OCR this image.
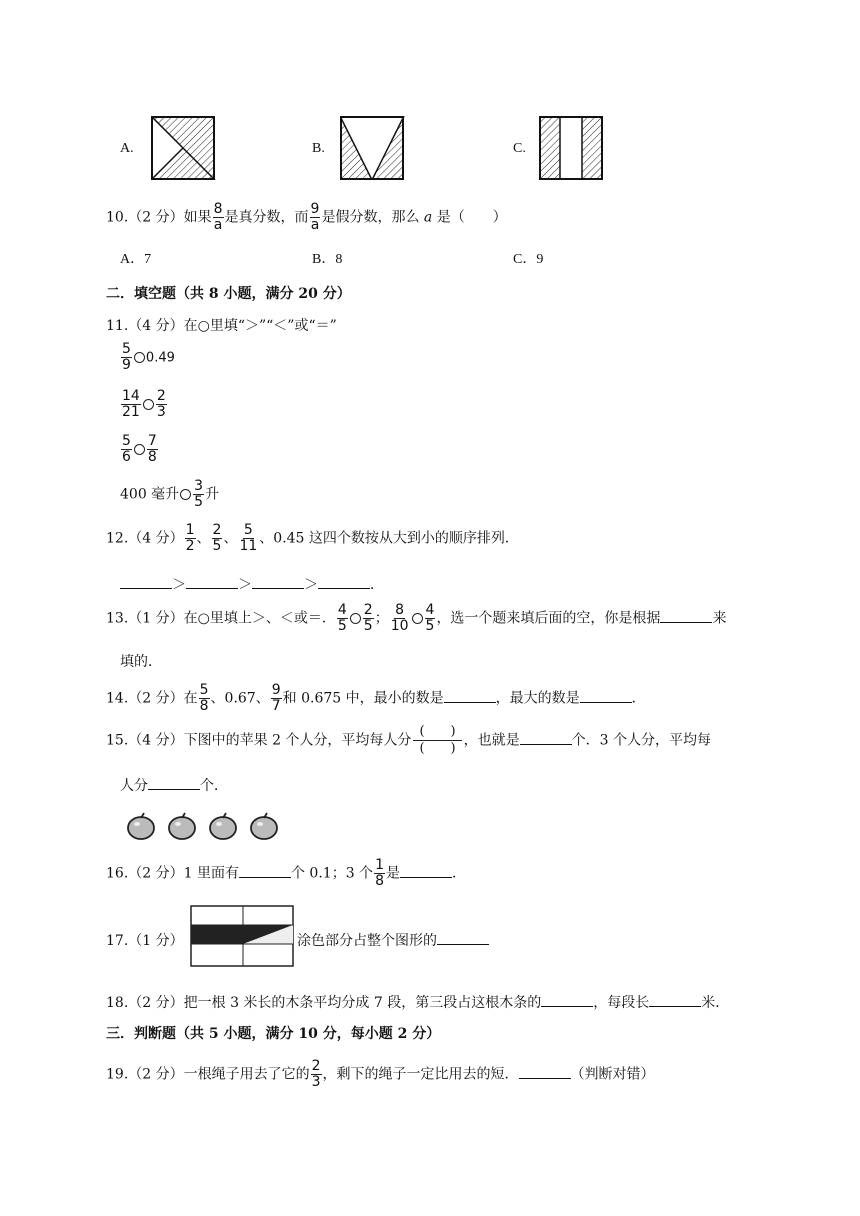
A.	B.	C.
10.（2 分）如果 $\frac{8}{a}$ 是真分数，而 $\frac{9}{a}$ 是假分数，那么 a 是（　　）
A．7	B．8	C．9
二．填空题（共 8 小题，满分 20 分）
11.（4 分）在○里填“＞”“＜”或“＝”
$\frac{5}{9} 0.49$
$\frac{14}{21} \frac{2}{3}$
$\frac{5}{6} \frac{7}{8}$
400 毫升 $\frac{3}{5}$ 升
12.（4 分） $\frac{1}{2}$ 、 $\frac{2}{5}$ 、 $\frac{5}{11}$ 、0.45 这四个数按从大到小的顺序排列．
＞	＞	＞	．
13.（1 分）在○里填上＞、＜或＝． $\frac{4}{5} \frac{2}{5}$ ； $\frac{8}{10} \frac{4}{5}$ ，选一个题来填后面的空，你是根据	来
填的．
14.（2 分）在 $\frac{5}{8}$ 、0.67、 $\frac{9}{7}$ 和 0.675 中，最小的数是	，最大的数是	．
15.（4 分）下图中的苹果 2 个人分，平均每人分 $\frac{( )}{( )}$ ，也就是	个．3 个人分，平均每
人分	个．
16.（2 分）1 里面有	个 0.1；3 个 $\frac{1}{8}$ 是	．
17.（1 分）	涂色部分占整个图形的
18.（2 分）把一根 3 米长的木条平均分成 7 段，第三段占这根木条的	，每段长	米．
三．判断题（共 5 小题，满分 10 分，每小题 2 分）
19.（2 分）一根绳子用去了它的 $\frac{2}{3}$ ，剩下的绳子一定比用去的短．	（判断对错）
